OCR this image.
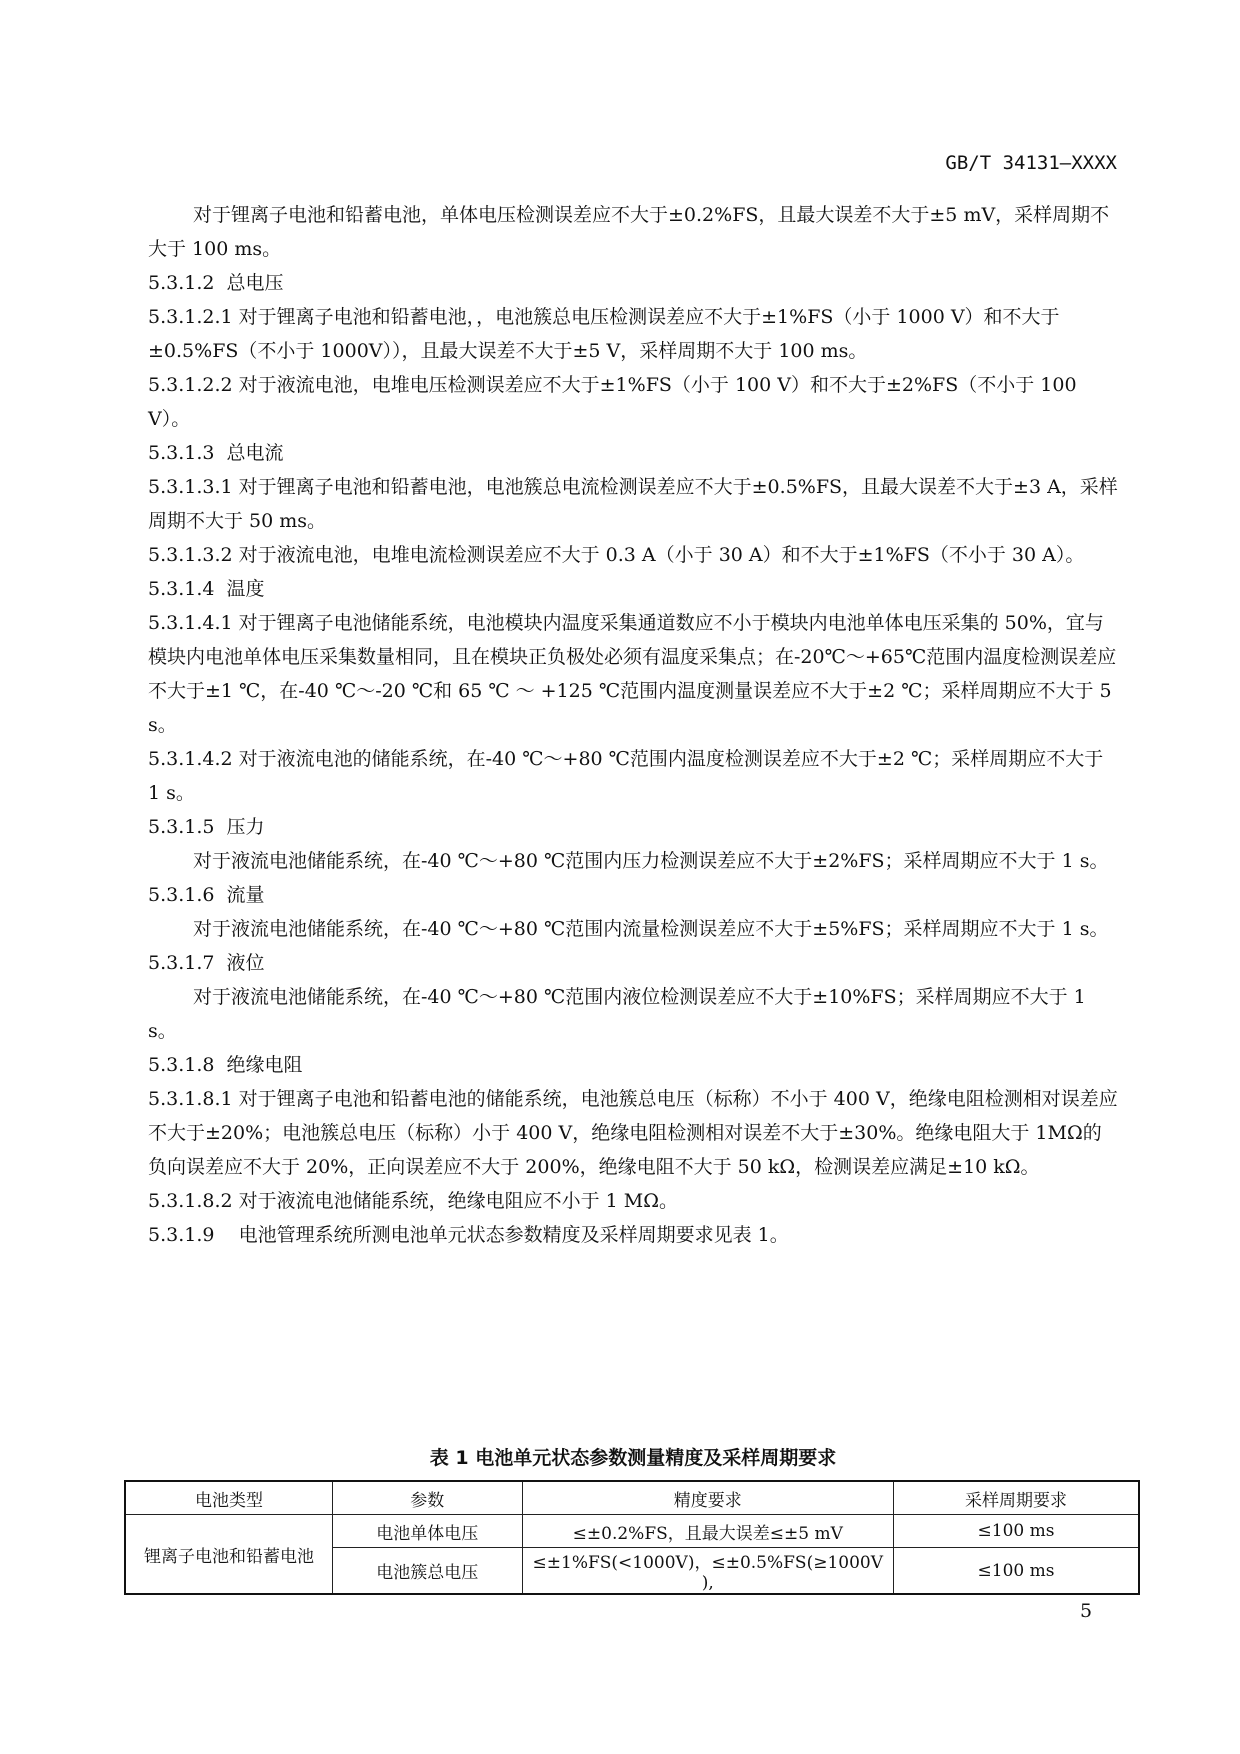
GB/T 34131—XXXX

对于锂离子电池和铅蓄电池，单体电压检测误差应不大于±0.2%FS，且最大误差不大于±5 mV，采样周期不大于 100 ms。

5.3.1.2  总电压

5.3.1.2.1 对于锂离子电池和铅蓄电池，，电池簇总电压检测误差应不大于±1%FS（小于 1000 V）和不大于±0.5%FS（不小于 1000V）），且最大误差不大于±5 V，采样周期不大于 100 ms。

5.3.1.2.2 对于液流电池，电堆电压检测误差应不大于±1%FS（小于 100 V）和不大于±2%FS（不小于 100 V）。

5.3.1.3  总电流

5.3.1.3.1 对于锂离子电池和铅蓄电池，电池簇总电流检测误差应不大于±0.5%FS，且最大误差不大于±3 A，采样周期不大于 50 ms。

5.3.1.3.2 对于液流电池，电堆电流检测误差应不大于 0.3 A（小于 30 A）和不大于±1%FS（不小于 30 A）。

5.3.1.4  温度

5.3.1.4.1 对于锂离子电池储能系统，电池模块内温度采集通道数应不小于模块内电池单体电压采集的 50%，宜与模块内电池单体电压采集数量相同，且在模块正负极处必须有温度采集点；在-20℃～+65℃范围内温度检测误差应不大于±1 ℃，在-40 ℃～-20 ℃和 65 ℃ ～ +125 ℃范围内温度测量误差应不大于±2 ℃；采样周期应不大于 5 s。

5.3.1.4.2 对于液流电池的储能系统，在-40 ℃～+80 ℃范围内温度检测误差应不大于±2 ℃；采样周期应不大于 1 s。

5.3.1.5  压力

对于液流电池储能系统，在-40 ℃～+80 ℃范围内压力检测误差应不大于±2%FS；采样周期应不大于 1 s。

5.3.1.6  流量

对于液流电池储能系统，在-40 ℃～+80 ℃范围内流量检测误差应不大于±5%FS；采样周期应不大于 1 s。

5.3.1.7  液位

对于液流电池储能系统，在-40 ℃～+80 ℃范围内液位检测误差应不大于±10%FS；采样周期应不大于 1 s。

5.3.1.8  绝缘电阻

5.3.1.8.1 对于锂离子电池和铅蓄电池的储能系统，电池簇总电压（标称）不小于 400 V，绝缘电阻检测相对误差应不大于±20%；电池簇总电压（标称）小于 400 V，绝缘电阻检测相对误差不大于±30%。绝缘电阻大于 1MΩ的负向误差应不大于 20%，正向误差应不大于 200%，绝缘电阻不大于 50 kΩ，检测误差应满足±10 kΩ。

5.3.1.8.2 对于液流电池储能系统，绝缘电阻应不小于 1 MΩ。

5.3.1.9    电池管理系统所测电池单元状态参数精度及采样周期要求见表 1。

表 1 电池单元状态参数测量精度及采样周期要求
电池类型	参数	精度要求	采样周期要求
锂离子电池和铅蓄电池	电池单体电压	≤±0.2%FS，且最大误差≤±5 mV	≤100 ms
	电池簇总电压	≤±1%FS(<1000V)，≤±0.5%FS(≥1000V ),	≤100 ms
5
